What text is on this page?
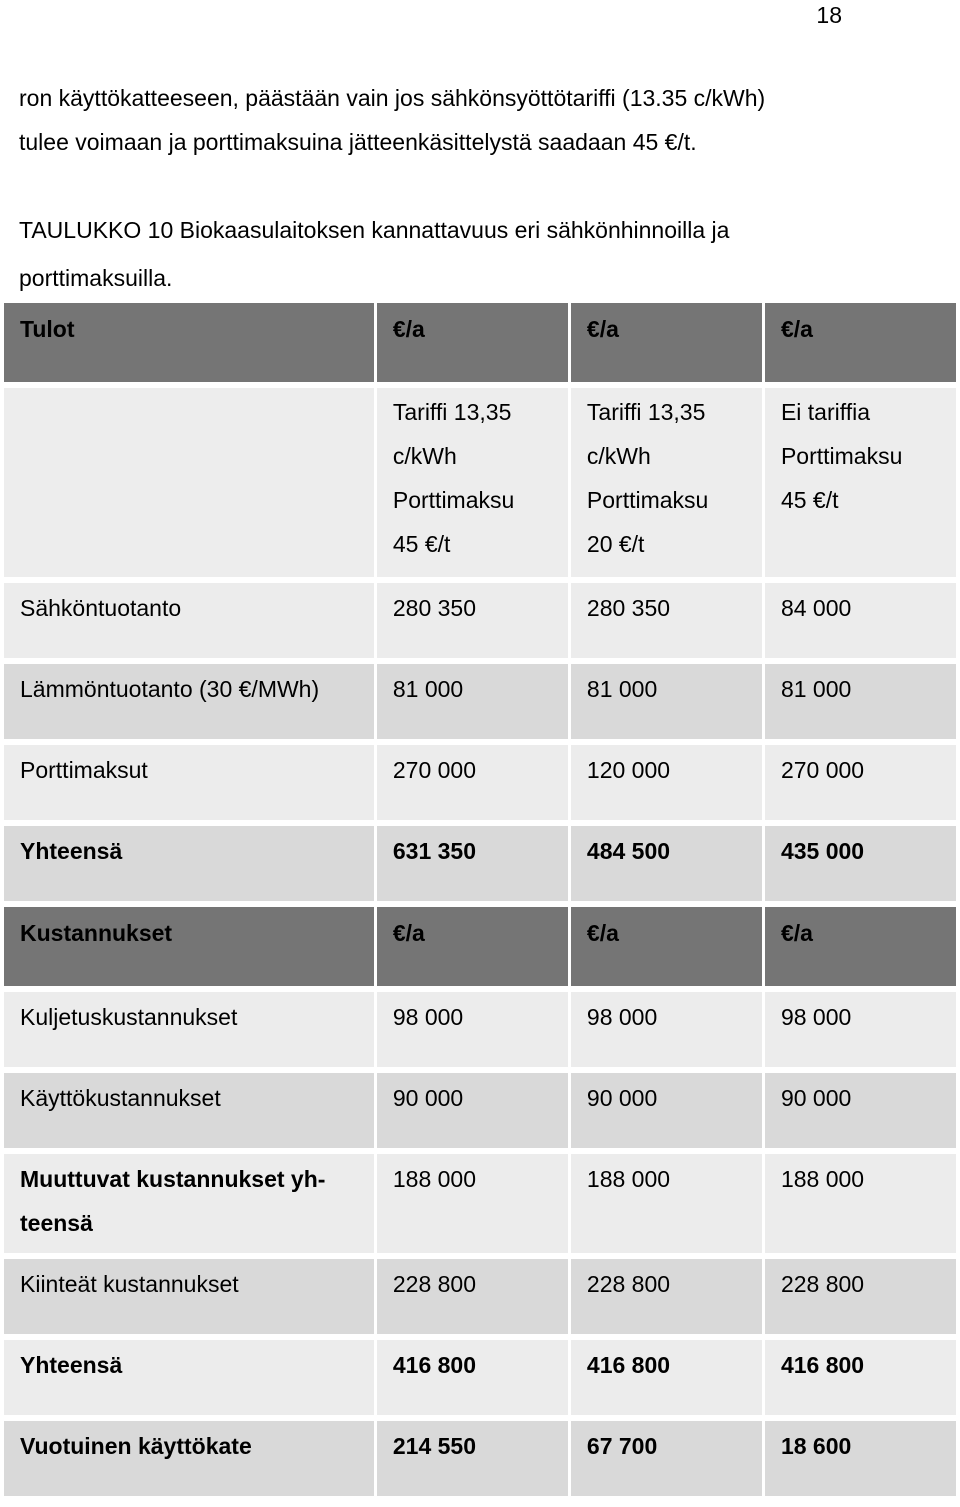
18
ron käyttökatteeseen, päästään vain jos sähkönsyöttötariffi (13.35 c/kWh)
tulee voimaan ja porttimaksuina jätteenkäsittelystä saadaan 45 €/t.
TAULUKKO 10 Biokaasulaitoksen kannattavuus eri sähkönhinnoilla ja
porttimaksuilla.
Tulot	€/a	€/a	€/a

	Tariffi 13,35
c/kWh
Porttimaksu
45 €/t	Tariffi 13,35
c/kWh
Porttimaksu
20 €/t	Ei tariffia
Porttimaksu
45 €/t

Sähköntuotanto	280 350	280 350	84 000
Lämmöntuotanto (30 €/MWh)	81 000	81 000	81 000
Porttimaksut	270 000	120 000	270 000
Yhteensä	631 350	484 500	435 000
Kustannukset	€/a	€/a	€/a
Kuljetuskustannukset	98 000	98 000	98 000
Käyttökustannukset	90 000	90 000	90 000
Muuttuvat kustannukset yh-
teensä	188 000	188 000	188 000
Kiinteät kustannukset	228 800	228 800	228 800
Yhteensä	416 800	416 800	416 800
Vuotuinen käyttökate	214 550	67 700	18 600
